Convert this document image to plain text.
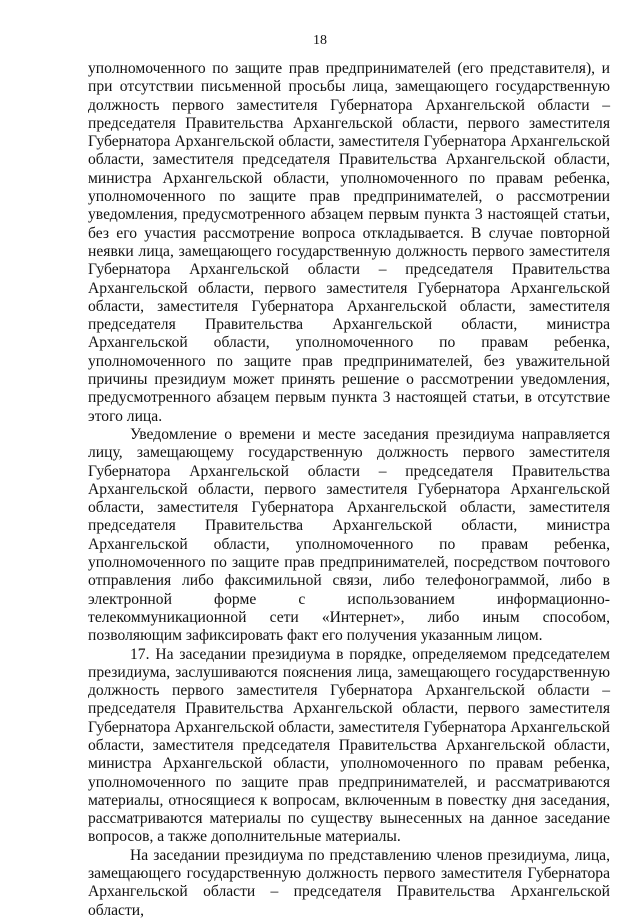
18

уполномоченного по защите прав предпринимателей (его представителя), и при отсутствии письменной просьбы лица, замещающего государственную должность первого заместителя Губернатора Архангельской области – председателя Правительства Архангельской области, первого заместителя Губернатора Архангельской области, заместителя Губернатора Архангельской области, заместителя председателя Правительства Архангельской области, министра Архангельской области, уполномоченного по правам ребенка, уполномоченного по защите прав предпринимателей, о рассмотрении уведомления, предусмотренного абзацем первым пункта 3 настоящей статьи, без его участия рассмотрение вопроса откладывается. В случае повторной неявки лица, замещающего государственную должность первого заместителя Губернатора Архангельской области – председателя Правительства Архангельской области, первого заместителя Губернатора Архангельской области, заместителя Губернатора Архангельской области, заместителя председателя Правительства Архангельской области, министра Архангельской области, уполномоченного по правам ребенка, уполномоченного по защите прав предпринимателей, без уважительной причины президиум может принять решение о рассмотрении уведомления, предусмотренного абзацем первым пункта 3 настоящей статьи, в отсутствие этого лица.

Уведомление о времени и месте заседания президиума направляется лицу, замещающему государственную должность первого заместителя Губернатора Архангельской области – председателя Правительства Архангельской области, первого заместителя Губернатора Архангельской области, заместителя Губернатора Архангельской области, заместителя председателя Правительства Архангельской области, министра Архангельской области, уполномоченного по правам ребенка, уполномоченного по защите прав предпринимателей, посредством почтового отправления либо факсимильной связи, либо телефонограммой, либо в электронной форме с использованием информационно-телекоммуникационной сети «Интернет», либо иным способом, позволяющим зафиксировать факт его получения указанным лицом.

17. На заседании президиума в порядке, определяемом председателем президиума, заслушиваются пояснения лица, замещающего государственную должность первого заместителя Губернатора Архангельской области – председателя Правительства Архангельской области, первого заместителя Губернатора Архангельской области, заместителя Губернатора Архангельской области, заместителя председателя Правительства Архангельской области, министра Архангельской области, уполномоченного по правам ребенка, уполномоченного по защите прав предпринимателей, и рассматриваются материалы, относящиеся к вопросам, включенным в повестку дня заседания, рассматриваются материалы по существу вынесенных на данное заседание вопросов, а также дополнительные материалы.

На заседании президиума по представлению членов президиума, лица, замещающего государственную должность первого заместителя Губернатора Архангельской области – председателя Правительства Архангельской области,
